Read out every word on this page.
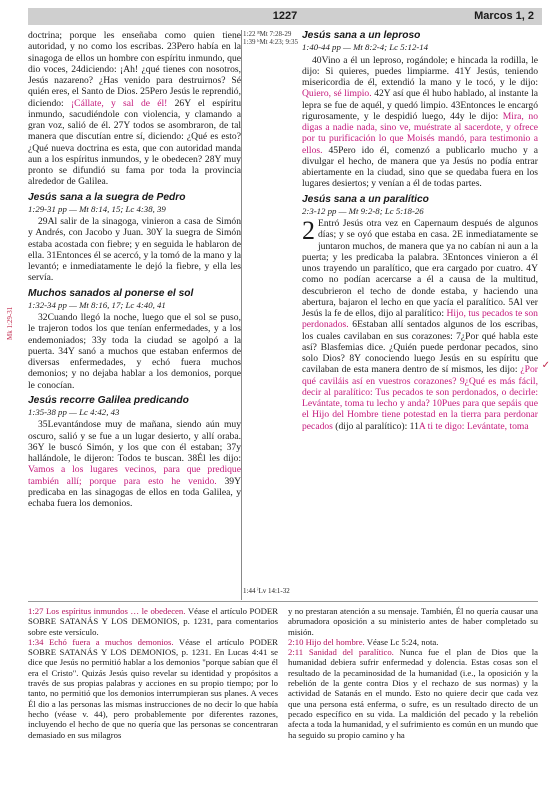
1227	Marcos 1, 2
Mk 1:29-31
✓

doctrina; porque les enseñaba como quien tiene autoridad, y no como los escribas. 23Pero había en la sinagoga de ellos un hombre con espíritu inmundo, que dio voces, 24diciendo: ¡Ah! ¿qué tienes con nosotros, Jesús nazareno? ¿Has venido para destruirnos? Sé quién eres, el Santo de Dios. 25Pero Jesús le reprendió, diciendo: ¡Cállate, y sal de él! 26Y el espíritu inmundo, sacudiéndole con violencia, y clamando a gran voz, salió de él. 27Y todos se asombraron, de tal manera que discutían entre sí, diciendo: ¿Qué es esto? ¿Qué nueva doctrina es esta, que con autoridad manda aun a los espíritus inmundos, y le obedecen? 28Y muy pronto se difundió su fama por toda la provincia alrededor de Galilea.

Jesús sana a la suegra de Pedro
1:29-31 pp — Mt 8:14, 15; Lc 4:38, 39

29Al salir de la sinagoga, vinieron a casa de Simón y Andrés, con Jacobo y Juan. 30Y la suegra de Simón estaba acostada con fiebre; y en seguida le hablaron de ella. 31Entonces él se acercó, y la tomó de la mano y la levantó; e inmediatamente le dejó la fiebre, y ella les servía.

Muchos sanados al ponerse el sol
1:32-34 pp — Mt 8:16, 17; Lc 4:40, 41

32Cuando llegó la noche, luego que el sol se puso, le trajeron todos los que tenían enfermedades, y a los endemoniados; 33y toda la ciudad se agolpó a la puerta. 34Y sanó a muchos que estaban enfermos de diversas enfermedades, y echó fuera muchos demonios; y no dejaba hablar a los demonios, porque le conocían.

Jesús recorre Galilea predicando
1:35-38 pp — Lc 4:42, 43

35Levantándose muy de mañana, siendo aún muy oscuro, salió y se fue a un lugar desierto, y allí oraba. 36Y le buscó Simón, y los que con él estaban; 37y hallándole, le dijeron: Todos te buscan. 38Él les dijo: Vamos a los lugares vecinos, para que predique también allí; porque para esto he venido. 39Y predicaba en las sinagogas de ellos en toda Galilea, y echaba fuera los demonios.

1:22 ⁸Mt 7:28-29
1:39 ʰMt 4:23; 9:35
1:44 ⁱLv 14:1-32
Jesús sana a un leproso
1:40-44 pp — Mt 8:2-4; Lc 5:12-14

40Vino a él un leproso, rogándole; e hincada la rodilla, le dijo: Si quieres, puedes limpiarme. 41Y Jesús, teniendo misericordia de él, extendió la mano y le tocó, y le dijo: Quiero, sé limpio. 42Y así que él hubo hablado, al instante la lepra se fue de aquél, y quedó limpio. 43Entonces le encargó rigurosamente, y le despidió luego, 44y le dijo: Mira, no digas a nadie nada, sino ve, muéstrate al sacerdote, y ofrece por tu purificación lo que Moisés mandó, para testimonio a ellos. 45Pero ido él, comenzó a publicarlo mucho y a divulgar el hecho, de manera que ya Jesús no podía entrar abiertamente en la ciudad, sino que se quedaba fuera en los lugares desiertos; y venían a él de todas partes.

Jesús sana a un paralítico
2:3-12 pp — Mt 9:2-8; Lc 5:18-26

2 Entró Jesús otra vez en Capernaum después de algunos días; y se oyó que estaba en casa. 2E inmediatamente se juntaron muchos, de manera que ya no cabían ni aun a la puerta; y les predicaba la palabra. 3Entonces vinieron a él unos trayendo un paralítico, que era cargado por cuatro. 4Y como no podían acercarse a él a causa de la multitud, descubrieron el techo de donde estaba, y haciendo una abertura, bajaron el lecho en que yacía el paralítico. 5Al ver Jesús la fe de ellos, dijo al paralítico: Hijo, tus pecados te son perdonados. 6Estaban allí sentados algunos de los escribas, los cuales cavilaban en sus corazones: 7¿Por qué habla este así? Blasfemias dice. ¿Quién puede perdonar pecados, sino solo Dios? 8Y conociendo luego Jesús en su espíritu que cavilaban de esta manera dentro de sí mismos, les dijo: ¿Por qué caviláis así en vuestros corazones? 9¿Qué es más fácil, decir al paralítico: Tus pecados te son perdonados, o decirle: Levántate, toma tu lecho y anda? 10Pues para que sepáis que el Hijo del Hombre tiene potestad en la tierra para perdonar pecados (dijo al paralítico): 11A ti te digo: Levántate, toma

1:27 Los espíritus inmundos … le obedecen. Véase el artículo PODER SOBRE SATANÁS Y LOS DEMONIOS, p. 1231, para comentarios sobre este versículo.

1:34 Echó fuera a muchos demonios. Véase el artículo PODER SOBRE SATANÁS Y LOS DEMONIOS, p. 1231. En Lucas 4:41 se dice que Jesús no permitió hablar a los demonios "porque sabían que él era el Cristo". Quizás Jesús quiso revelar su identidad y propósitos a través de sus propias palabras y acciones en su propio tiempo; por lo tanto, no permitió que los demonios interrumpieran sus planes. A veces Él dio a las personas las mismas instrucciones de no decir lo que había hecho (véase v. 44), pero probablemente por diferentes razones, incluyendo el hecho de que no quería que las personas se concentraran demasiado en sus milagros

y no prestaran atención a su mensaje. También, Él no quería causar una abrumadora oposición a su ministerio antes de haber completado su misión.

2:10 Hijo del hombre. Véase Lc 5:24, nota.

2:11 Sanidad del paralítico. Nunca fue el plan de Dios que la humanidad debiera sufrir enfermedad y dolencia. Estas cosas son el resultado de la pecaminosidad de la humanidad (i.e., la oposición y la rebelión de la gente contra Dios y el rechazo de sus normas) y la actividad de Satanás en el mundo. Esto no quiere decir que cada vez que una persona está enferma, o sufre, es un resultado directo de un pecado específico en su vida. La maldición del pecado y la rebelión afecta a toda la humanidad, y el sufrimiento es común en un mundo que ha seguido su propio camino y ha
